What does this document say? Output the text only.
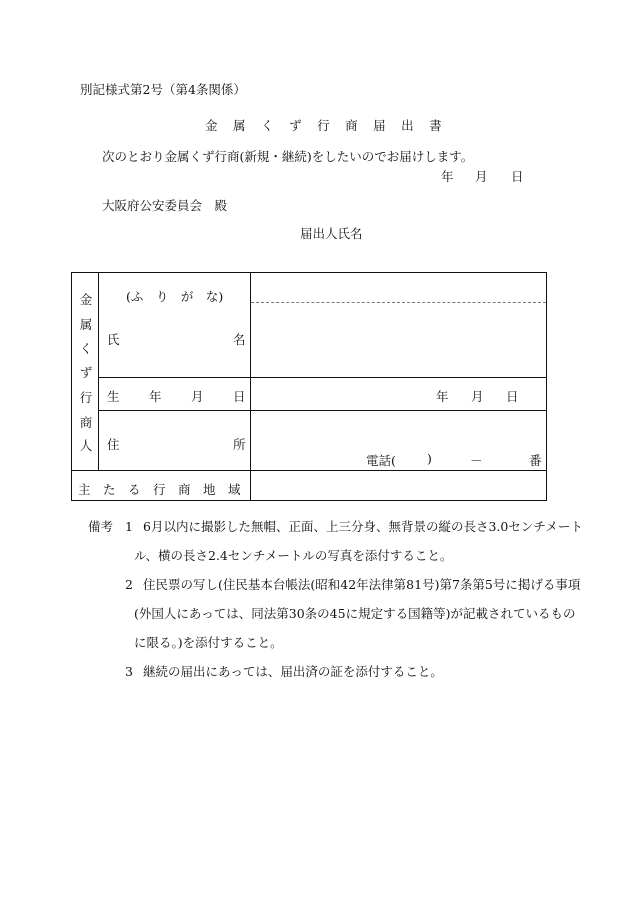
別記様式第2号（第4条関係）
金 属 く ず 行 商 届 出 書
次のとおり金属くず行商(新規・継続)をしたいのでお届けします。
年 月 日
大阪府公安委員会　殿
届出人氏名
金
属
く
ず
行
商
人
(ふ　り　が　な)
氏	名
生 年 月 日	年 月 日
住	所
電話( )	－	番
主　た　る　行　商　地　域
備考 1 6月以内に撮影した無帽、正面、上三分身、無背景の縦の長さ3.0センチメート
ル、横の長さ2.4センチメートルの写真を添付すること。
2 住民票の写し(住民基本台帳法(昭和42年法律第81号)第7条第5号に掲げる事項
(外国人にあっては、同法第30条の45に規定する国籍等)が記載されているもの
に限る。)を添付すること。
3 継続の届出にあっては、届出済の証を添付すること。
